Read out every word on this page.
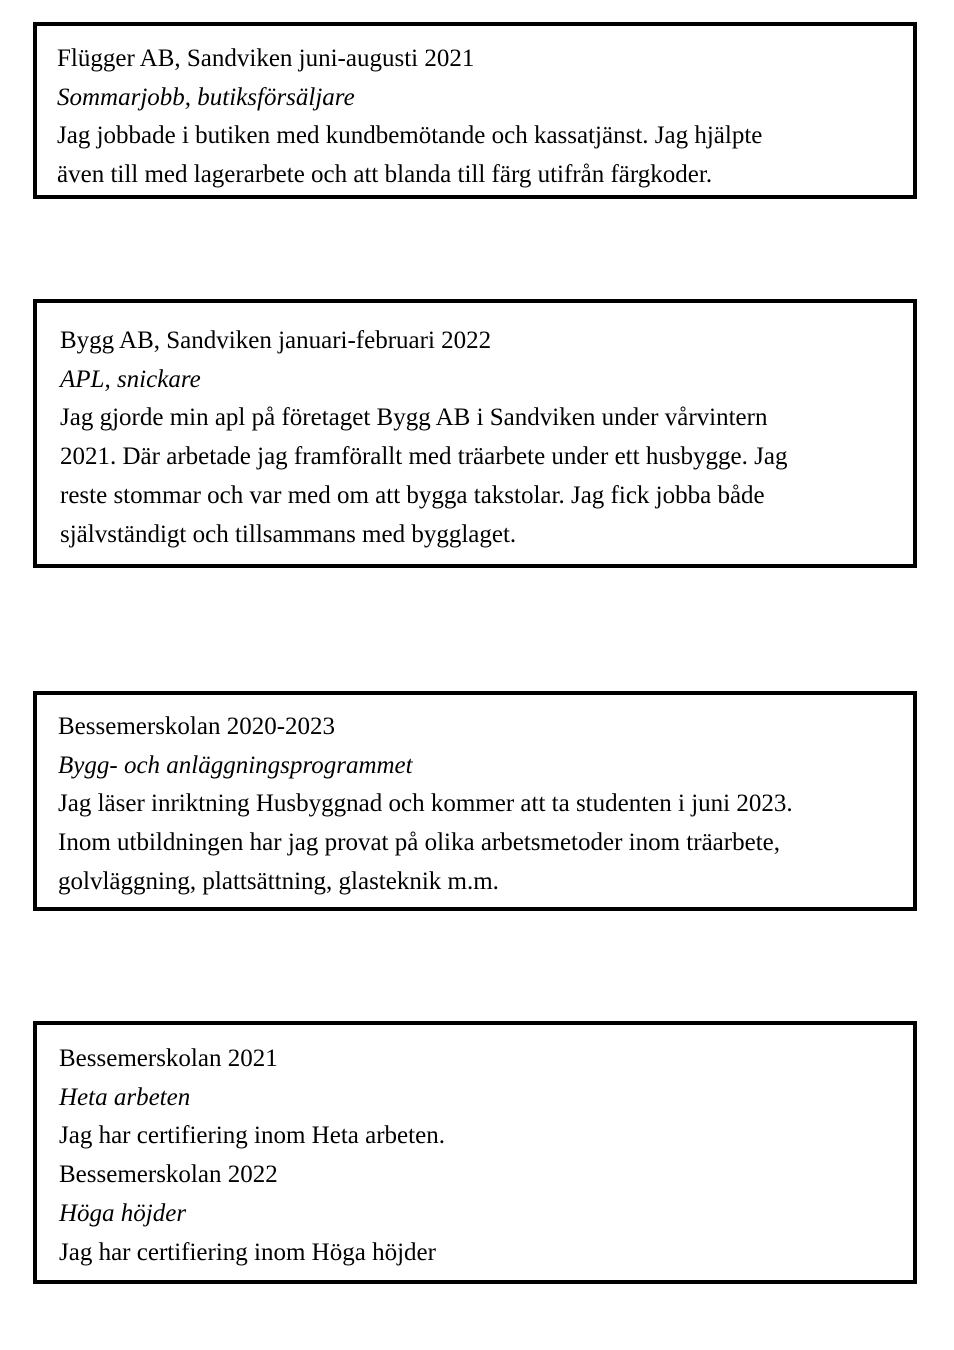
Flügger AB, Sandviken juni-augusti 2021

Sommarjobb, butiksförsäljare

Jag jobbade i butiken med kundbemötande och kassatjänst. Jag hjälpte

även till med lagerarbete och att blanda till färg utifrån färgkoder.

Bygg AB, Sandviken januari-februari 2022

APL, snickare

Jag gjorde min apl på företaget Bygg AB i Sandviken under vårvintern

2021. Där arbetade jag framförallt med träarbete under ett husbygge. Jag

reste stommar och var med om att bygga takstolar. Jag fick jobba både

självständigt och tillsammans med bygglaget.

Bessemerskolan 2020-2023

Bygg- och anläggningsprogrammet

Jag läser inriktning Husbyggnad och kommer att ta studenten i juni 2023.

Inom utbildningen har jag provat på olika arbetsmetoder inom träarbete,

golvläggning, plattsättning, glasteknik m.m.

Bessemerskolan 2021

Heta arbeten

Jag har certifiering inom Heta arbeten.

Bessemerskolan 2022

Höga höjder

Jag har certifiering inom Höga höjder
